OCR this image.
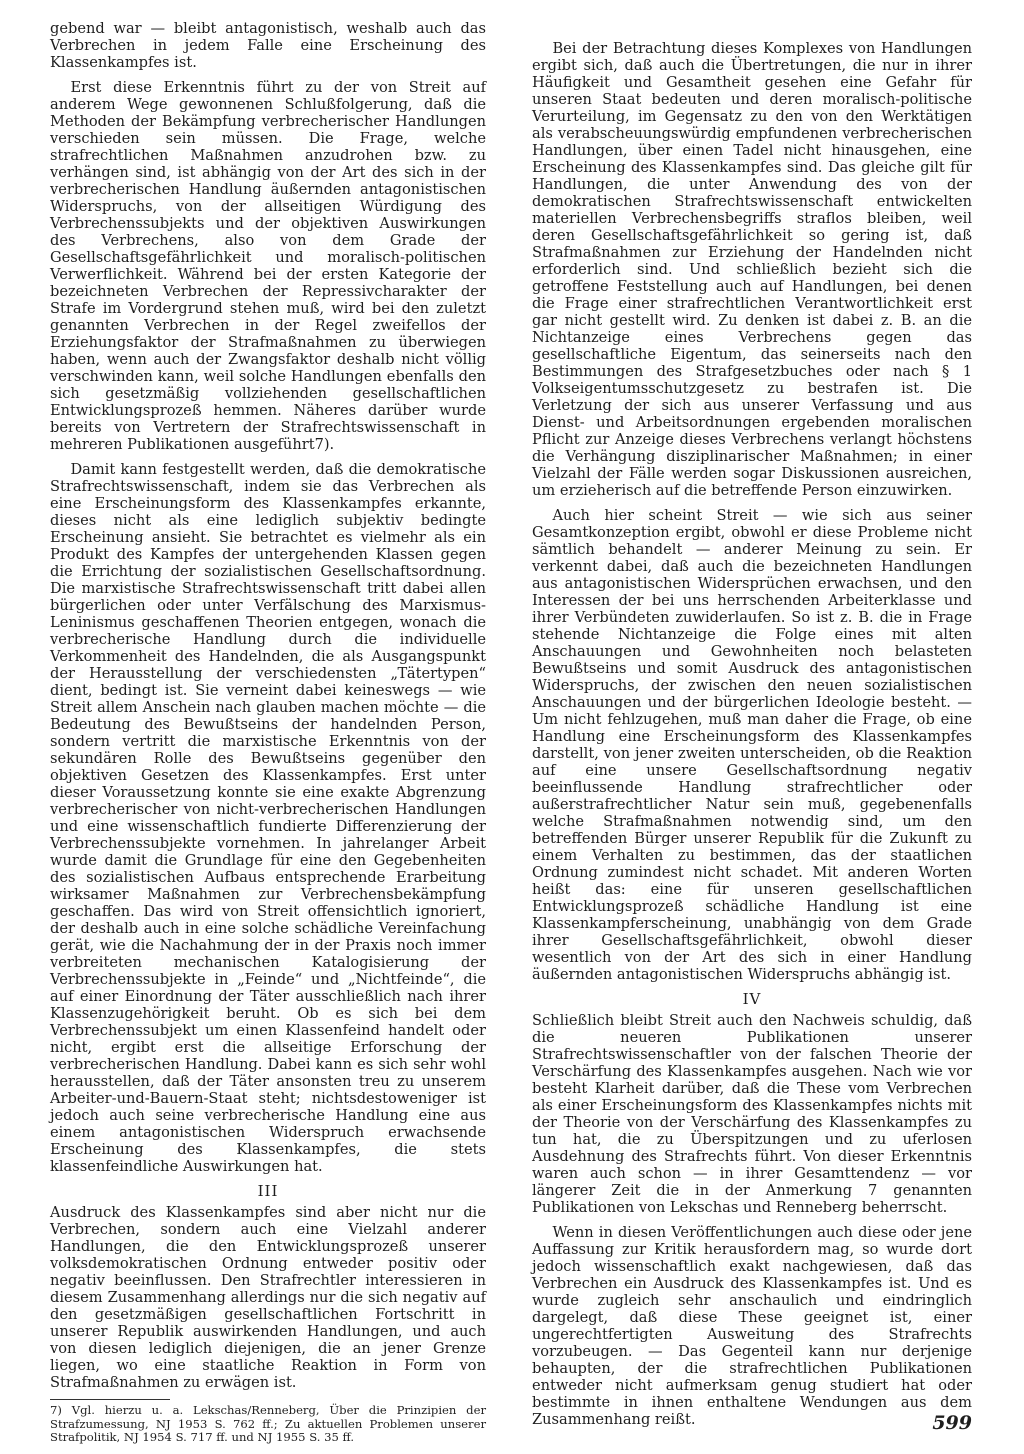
gebend war — bleibt antagonistisch, weshalb auch das Verbrechen in jedem Falle eine Erscheinung des Klassenkampfes ist.

Erst diese Erkenntnis führt zu der von Streit auf anderem Wege gewonnenen Schlußfolgerung, daß die Methoden der Bekämpfung verbrecherischer Handlungen verschieden sein müssen. Die Frage, welche strafrechtlichen Maßnahmen anzudrohen bzw. zu verhängen sind, ist abhängig von der Art des sich in der verbrecherischen Handlung äußernden antagonistischen Widerspruchs, von der allseitigen Würdigung des Verbrechenssubjekts und der objektiven Auswirkungen des Verbrechens, also von dem Grade der Gesellschaftsgefährlichkeit und moralisch-politischen Verwerflichkeit. Während bei der ersten Kategorie der bezeichneten Verbrechen der Repressivcharakter der Strafe im Vordergrund stehen muß, wird bei den zuletzt genannten Verbrechen in der Regel zweifellos der Erziehungsfaktor der Strafmaßnahmen zu überwiegen haben, wenn auch der Zwangsfaktor deshalb nicht völlig verschwinden kann, weil solche Handlungen ebenfalls den sich gesetzmäßig vollziehenden gesellschaftlichen Entwicklungsprozeß hemmen. Näheres darüber wurde bereits von Vertretern der Strafrechtswissenschaft in mehreren Publikationen ausgeführt7).

Damit kann festgestellt werden, daß die demokratische Strafrechtswissenschaft, indem sie das Verbrechen als eine Erscheinungsform des Klassenkampfes erkannte, dieses nicht als eine lediglich subjektiv bedingte Erscheinung ansieht. Sie betrachtet es vielmehr als ein Produkt des Kampfes der untergehenden Klassen gegen die Errichtung der sozialistischen Gesellschaftsordnung. Die marxistische Strafrechtswissenschaft tritt dabei allen bürgerlichen oder unter Verfälschung des Marxismus-Leninismus geschaffenen Theorien entgegen, wonach die verbrecherische Handlung durch die individuelle Verkommenheit des Handelnden, die als Ausgangspunkt der Herausstellung der verschiedensten „Tätertypen“ dient, bedingt ist. Sie verneint dabei keineswegs — wie Streit allem Anschein nach glauben machen möchte — die Bedeutung des Bewußtseins der handelnden Person, sondern vertritt die marxistische Erkenntnis von der sekundären Rolle des Bewußtseins gegenüber den objektiven Gesetzen des Klassenkampfes. Erst unter dieser Voraussetzung konnte sie eine exakte Abgrenzung verbrecherischer von nicht-verbrecherischen Handlungen und eine wissenschaftlich fundierte Differenzierung der Verbrechenssubjekte vornehmen. In jahrelanger Arbeit wurde damit die Grundlage für eine den Gegebenheiten des sozialistischen Aufbaus entsprechende Erarbeitung wirksamer Maßnahmen zur Verbrechensbekämpfung geschaffen. Das wird von Streit offensichtlich ignoriert, der deshalb auch in eine solche schädliche Vereinfachung gerät, wie die Nachahmung der in der Praxis noch immer verbreiteten mechanischen Katalogisierung der Verbrechenssubjekte in „Feinde“ und „Nichtfeinde“, die auf einer Einordnung der Täter ausschließlich nach ihrer Klassenzugehörigkeit beruht. Ob es sich bei dem Verbrechenssubjekt um einen Klassenfeind handelt oder nicht, ergibt erst die allseitige Erforschung der verbrecherischen Handlung. Dabei kann es sich sehr wohl herausstellen, daß der Täter ansonsten treu zu unserem Arbeiter-und-Bauern-Staat steht; nichtsdestoweniger ist jedoch auch seine verbrecherische Handlung eine aus einem antagonistischen Widerspruch erwachsende Erscheinung des Klassenkampfes, die stets klassenfeindliche Auswirkungen hat.

III

Ausdruck des Klassenkampfes sind aber nicht nur die Verbrechen, sondern auch eine Vielzahl anderer Handlungen, die den Entwicklungsprozeß unserer volksdemokratischen Ordnung entweder positiv oder negativ beeinflussen. Den Strafrechtler interessieren in diesem Zusammenhang allerdings nur die sich negativ auf den gesetzmäßigen gesellschaftlichen Fortschritt in unserer Republik auswirkenden Handlungen, und auch von diesen lediglich diejenigen, die an jener Grenze liegen, wo eine staatliche Reaktion in Form von Strafmaßnahmen zu erwägen ist.

7) Vgl. hierzu u. a. Lekschas/Renneberg, Über die Prinzipien der Strafzumessung, NJ 1953 S. 762 ff.; Zu aktuellen Problemen unserer Strafpolitik, NJ 1954 S. 717 ff. und NJ 1955 S. 35 ff.

Bei der Betrachtung dieses Komplexes von Handlungen ergibt sich, daß auch die Übertretungen, die nur in ihrer Häufigkeit und Gesamtheit gesehen eine Gefahr für unseren Staat bedeuten und deren moralisch-politische Verurteilung, im Gegensatz zu den von den Werktätigen als verabscheuungswürdig empfundenen verbrecherischen Handlungen, über einen Tadel nicht hinausgehen, eine Erscheinung des Klassenkampfes sind. Das gleiche gilt für Handlungen, die unter Anwendung des von der demokratischen Strafrechtswissenschaft entwickelten materiellen Verbrechensbegriffs straflos bleiben, weil deren Gesellschaftsgefährlichkeit so gering ist, daß Strafmaßnahmen zur Erziehung der Handelnden nicht erforderlich sind. Und schließlich bezieht sich die getroffene Feststellung auch auf Handlungen, bei denen die Frage einer strafrechtlichen Verantwortlichkeit erst gar nicht gestellt wird. Zu denken ist dabei z. B. an die Nichtanzeige eines Verbrechens gegen das gesellschaftliche Eigentum, das seinerseits nach den Bestimmungen des Strafgesetzbuches oder nach § 1 Volkseigentumsschutzgesetz zu bestrafen ist. Die Verletzung der sich aus unserer Verfassung und aus Dienst- und Arbeitsordnungen ergebenden moralischen Pflicht zur Anzeige dieses Verbrechens verlangt höchstens die Verhängung disziplinarischer Maßnahmen; in einer Vielzahl der Fälle werden sogar Diskussionen ausreichen, um erzieherisch auf die betreffende Person einzuwirken.

Auch hier scheint Streit — wie sich aus seiner Gesamtkonzeption ergibt, obwohl er diese Probleme nicht sämtlich behandelt — anderer Meinung zu sein. Er verkennt dabei, daß auch die bezeichneten Handlungen aus antagonistischen Widersprüchen erwachsen, und den Interessen der bei uns herrschenden Arbeiterklasse und ihrer Verbündeten zuwiderlaufen. So ist z. B. die in Frage stehende Nichtanzeige die Folge eines mit alten Anschauungen und Gewohnheiten noch belasteten Bewußtseins und somit Ausdruck des antagonistischen Widerspruchs, der zwischen den neuen sozialistischen Anschauungen und der bürgerlichen Ideologie besteht. — Um nicht fehlzugehen, muß man daher die Frage, ob eine Handlung eine Erscheinungsform des Klassenkampfes darstellt, von jener zweiten unterscheiden, ob die Reaktion auf eine unsere Gesellschaftsordnung negativ beeinflussende Handlung strafrechtlicher oder außerstrafrechtlicher Natur sein muß, gegebenenfalls welche Strafmaßnahmen notwendig sind, um den betreffenden Bürger unserer Republik für die Zukunft zu einem Verhalten zu bestimmen, das der staatlichen Ordnung zumindest nicht schadet. Mit anderen Worten heißt das: eine für unseren gesellschaftlichen Entwicklungsprozeß schädliche Handlung ist eine Klassenkampferscheinung, unabhängig von dem Grade ihrer Gesellschaftsgefährlichkeit, obwohl dieser wesentlich von der Art des sich in einer Handlung äußernden antagonistischen Widerspruchs abhängig ist.

IV

Schließlich bleibt Streit auch den Nachweis schuldig, daß die neueren Publikationen unserer Strafrechtswissenschaftler von der falschen Theorie der Verschärfung des Klassenkampfes ausgehen. Nach wie vor besteht Klarheit darüber, daß die These vom Verbrechen als einer Erscheinungsform des Klassenkampfes nichts mit der Theorie von der Verschärfung des Klassenkampfes zu tun hat, die zu Überspitzungen und zu uferlosen Ausdehnung des Strafrechts führt. Von dieser Erkenntnis waren auch schon — in ihrer Gesamttendenz — vor längerer Zeit die in der Anmerkung 7 genannten Publikationen von Lekschas und Renneberg beherrscht.

Wenn in diesen Veröffentlichungen auch diese oder jene Auffassung zur Kritik herausfordern mag, so wurde dort jedoch wissenschaftlich exakt nachgewiesen, daß das Verbrechen ein Ausdruck des Klassenkampfes ist. Und es wurde zugleich sehr anschaulich und eindringlich dargelegt, daß diese These geeignet ist, einer ungerechtfertigten Ausweitung des Strafrechts vorzubeugen. — Das Gegenteil kann nur derjenige behaupten, der die strafrechtlichen Publikationen entweder nicht aufmerksam genug studiert hat oder bestimmte in ihnen enthaltene Wendungen aus dem Zusammenhang reißt.	599
